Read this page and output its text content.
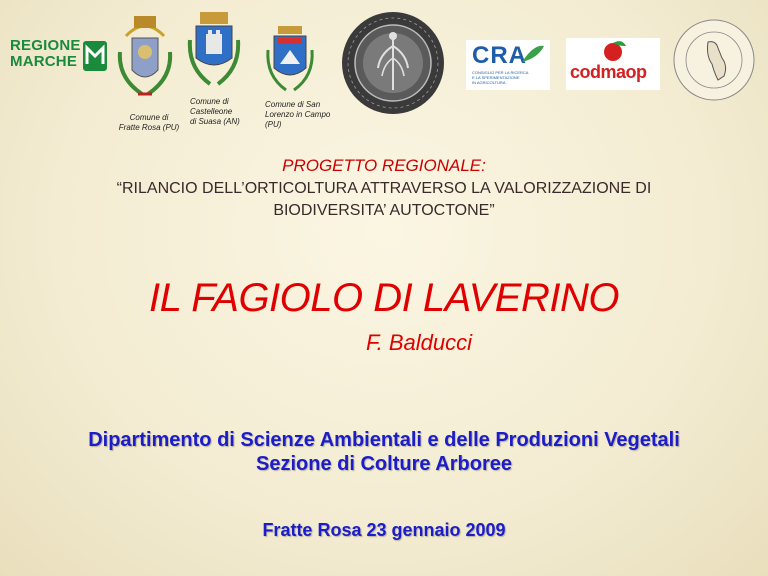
REGIONE
MARCHE
Comune di
Fratte Rosa (PU)
Comune di
Castelleone
di Suasa (AN)
Comune di San
Lorenzo in Campo
(PU)
CRA
CONSIGLIO PER LA RICERCA
E LA SPERIMENTAZIONE
IN AGRICOLTURA
codmaop
PROGETTO REGIONALE:
“RILANCIO DELL’ORTICOLTURA ATTRAVERSO LA VALORIZZAZIONE DI
BIODIVERSITA’ AUTOCTONE”
IL FAGIOLO DI LAVERINO
F. Balducci
Dipartimento di Scienze Ambientali e delle Produzioni Vegetali
Sezione di Colture Arboree
Fratte Rosa 23 gennaio 2009
